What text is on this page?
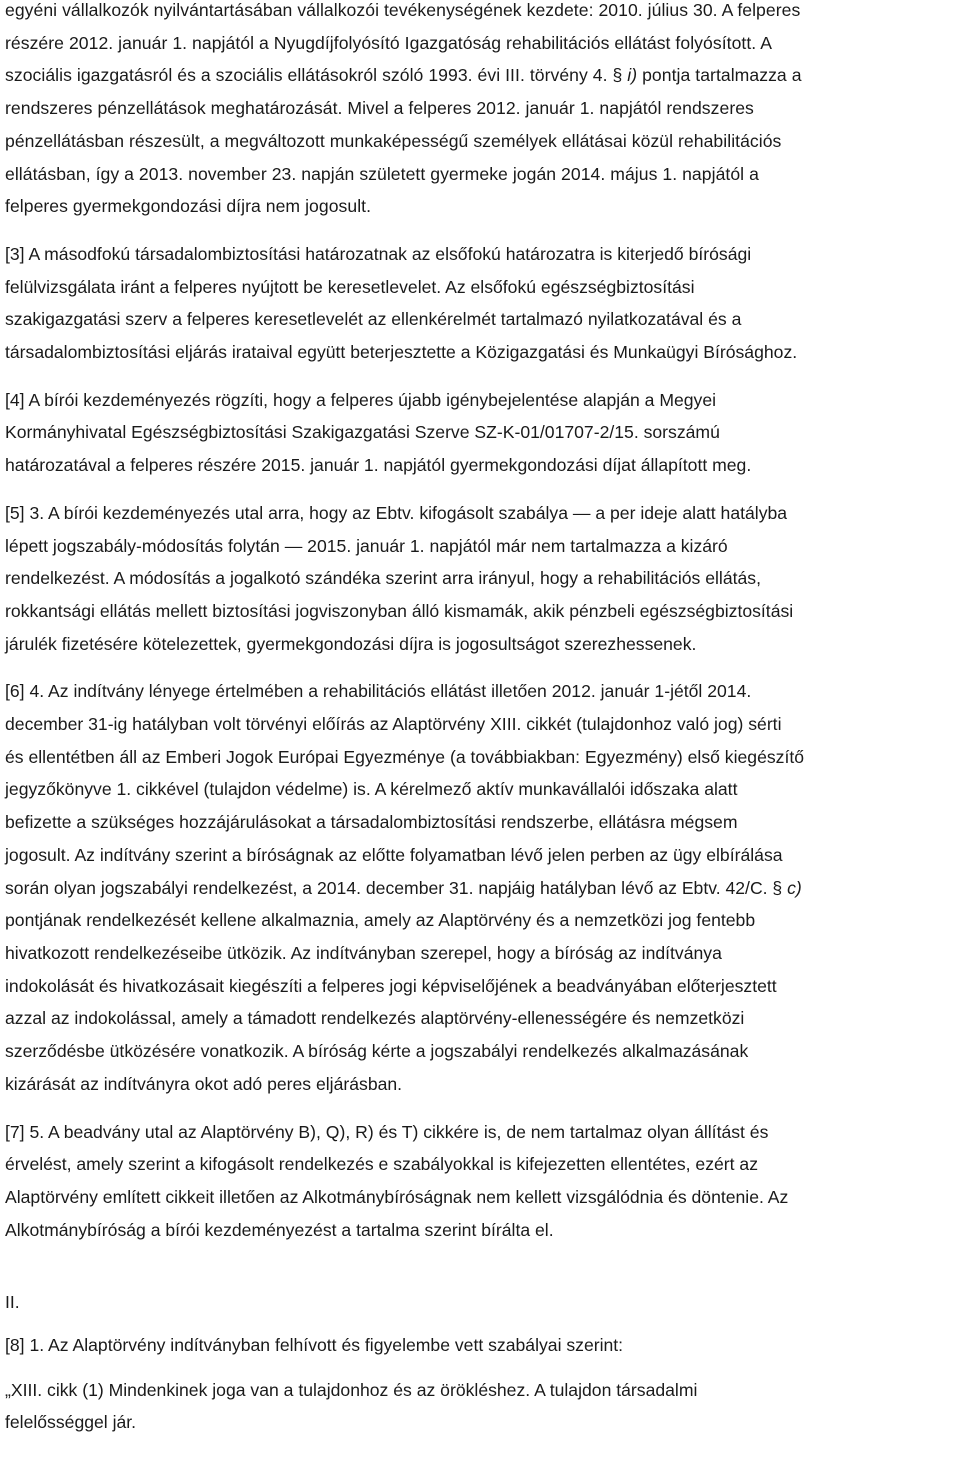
egyéni vállalkozók nyilvántartásában vállalkozói tevékenységének kezdete: 2010. július 30. A felperes
részére 2012. január 1. napjától a Nyugdíjfolyósító Igazgatóság rehabilitációs ellátást folyósított. A
szociális igazgatásról és a szociális ellátásokról szóló 1993. évi III. törvény 4. § i) pontja tartalmazza a
rendszeres pénzellátások meghatározását. Mivel a felperes 2012. január 1. napjától rendszeres
pénzellátásban részesült, a megváltozott munkaképességű személyek ellátásai közül rehabilitációs
ellátásban, így a 2013. november 23. napján született gyermeke jogán 2014. május 1. napjától a
felperes gyermekgondozási díjra nem jogosult.
[3] A másodfokú társadalombiztosítási határozatnak az elsőfokú határozatra is kiterjedő bírósági
felülvizsgálata iránt a felperes nyújtott be keresetlevelet. Az elsőfokú egészségbiztosítási
szakigazgatási szerv a felperes keresetlevelét az ellenkérelmét tartalmazó nyilatkozatával és a
társadalombiztosítási eljárás irataival együtt beterjesztette a Közigazgatási és Munkaügyi Bírósághoz.
[4] A bírói kezdeményezés rögzíti, hogy a felperes újabb igénybejelentése alapján a Megyei
Kormányhivatal Egészségbiztosítási Szakigazgatási Szerve SZ-K-01/01707-2/15. sorszámú
határozatával a felperes részére 2015. január 1. napjától gyermekgondozási díjat állapított meg.
[5] 3. A bírói kezdeményezés utal arra, hogy az Ebtv. kifogásolt szabálya — a per ideje alatt hatályba
lépett jogszabály-módosítás folytán — 2015. január 1. napjától már nem tartalmazza a kizáró
rendelkezést. A módosítás a jogalkotó szándéka szerint arra irányul, hogy a rehabilitációs ellátás,
rokkantsági ellátás mellett biztosítási jogviszonyban álló kismamák, akik pénzbeli egészségbiztosítási
járulék fizetésére kötelezettek, gyermekgondozási díjra is jogosultságot szerezhessenek.
[6] 4. Az indítvány lényege értelmében a rehabilitációs ellátást illetően 2012. január 1-jétől 2014.
december 31-ig hatályban volt törvényi előírás az Alaptörvény XIII. cikkét (tulajdonhoz való jog) sérti
és ellentétben áll az Emberi Jogok Európai Egyezménye (a továbbiakban: Egyezmény) első kiegészítő
jegyzőkönyve 1. cikkével (tulajdon védelme) is. A kérelmező aktív munkavállalói időszaka alatt
befizette a szükséges hozzájárulásokat a társadalombiztosítási rendszerbe, ellátásra mégsem
jogosult. Az indítvány szerint a bíróságnak az előtte folyamatban lévő jelen perben az ügy elbírálása
során olyan jogszabályi rendelkezést, a 2014. december 31. napjáig hatályban lévő az Ebtv. 42/C. § c)
pontjának rendelkezését kellene alkalmaznia, amely az Alaptörvény és a nemzetközi jog fentebb
hivatkozott rendelkezéseibe ütközik. Az indítványban szerepel, hogy a bíróság az indítványa
indokolását és hivatkozásait kiegészíti a felperes jogi képviselőjének a beadványában előterjesztett
azzal az indokolással, amely a támadott rendelkezés alaptörvény-ellenességére és nemzetközi
szerződésbe ütközésére vonatkozik. A bíróság kérte a jogszabályi rendelkezés alkalmazásának
kizárását az indítványra okot adó peres eljárásban.
[7] 5. A beadvány utal az Alaptörvény B), Q), R) és T) cikkére is, de nem tartalmaz olyan állítást és
érvelést, amely szerint a kifogásolt rendelkezés e szabályokkal is kifejezetten ellentétes, ezért az
Alaptörvény említett cikkeit illetően az Alkotmánybíróságnak nem kellett vizsgálódnia és döntenie. Az
Alkotmánybíróság a bírói kezdeményezést a tartalma szerint bírálta el.
II.
[8] 1. Az Alaptörvény indítványban felhívott és figyelembe vett szabályai szerint:
„XIII. cikk (1) Mindenkinek joga van a tulajdonhoz és az örökléshez. A tulajdon társadalmi
felelősséggel jár.
